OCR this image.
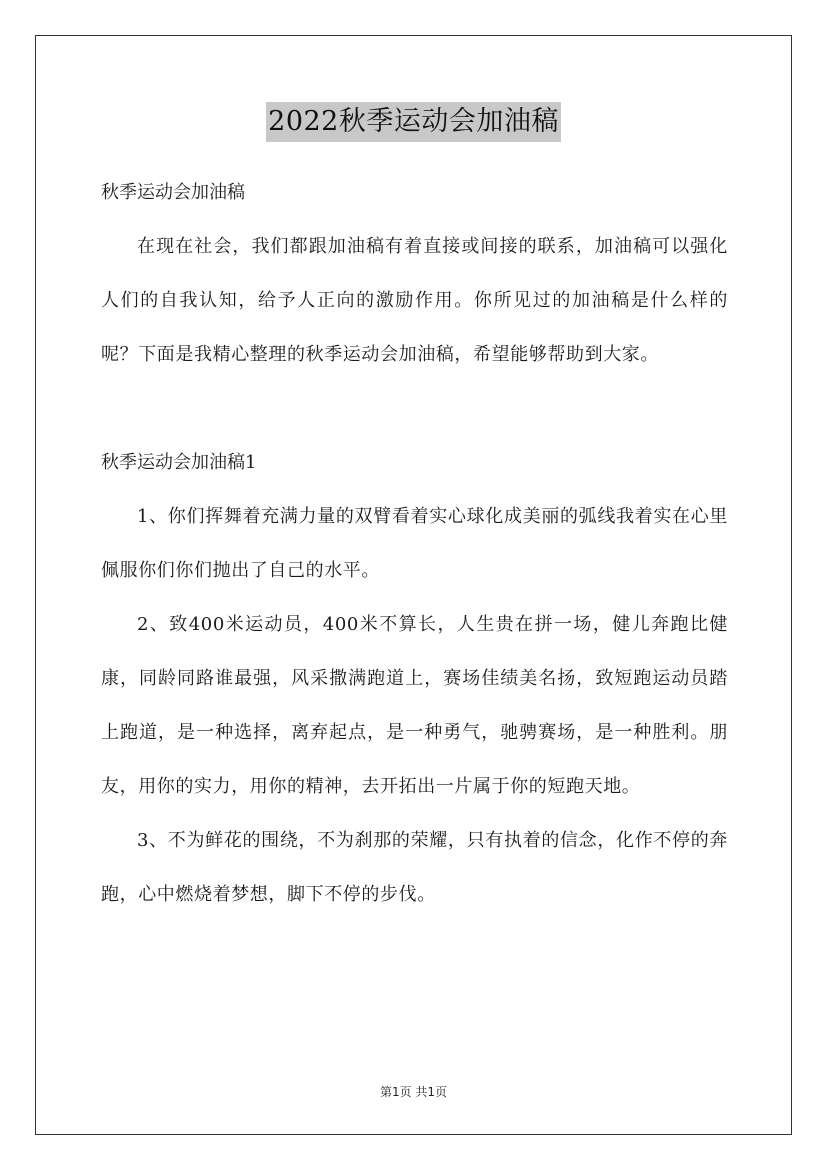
2022秋季运动会加油稿

秋季运动会加油稿

在现在社会，我们都跟加油稿有着直接或间接的联系，加油稿可以强化人们的自我认知，给予人正向的激励作用。你所见过的加油稿是什么样的呢？下面是我精心整理的秋季运动会加油稿，希望能够帮助到大家。

秋季运动会加油稿1

1、你们挥舞着充满力量的双臂看着实心球化成美丽的弧线我着实在心里佩服你们你们抛出了自己的水平。

2、致400米运动员，400米不算长，人生贵在拼一场，健儿奔跑比健康，同龄同路谁最强，风采撒满跑道上，赛场佳绩美名扬，致短跑运动员踏上跑道，是一种选择，离弃起点，是一种勇气，驰骋赛场，是一种胜利。朋友，用你的实力，用你的精神，去开拓出一片属于你的短跑天地。

3、不为鲜花的围绕，不为刹那的荣耀，只有执着的信念，化作不停的奔跑，心中燃烧着梦想，脚下不停的步伐。

第1页 共1页
